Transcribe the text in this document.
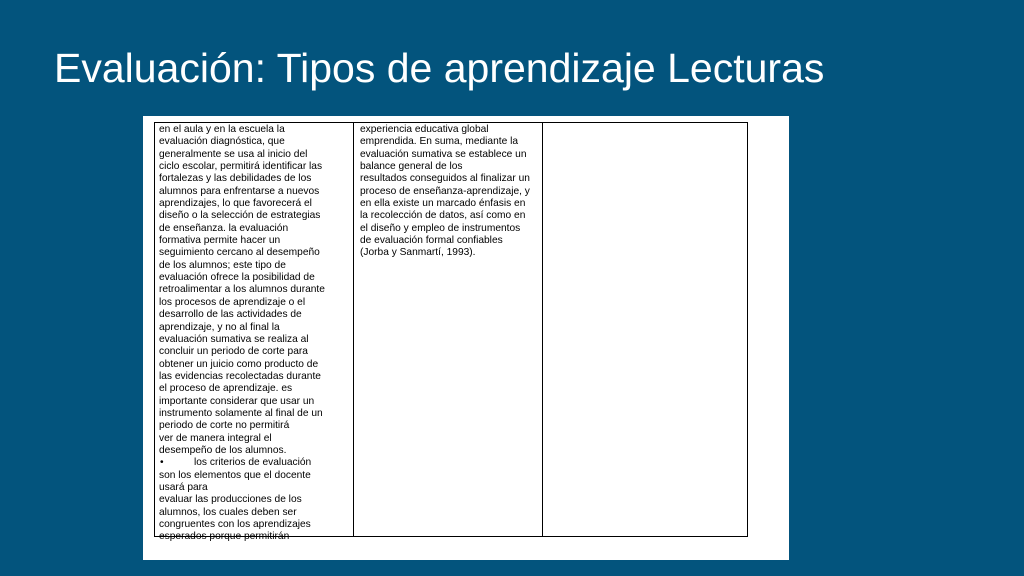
Evaluación: Tipos de aprendizaje Lecturas
en el aula y en la escuela la
evaluación diagnóstica, que
generalmente se usa al inicio del
ciclo escolar, permitirá identificar las
fortalezas y las debilidades de los
alumnos para enfrentarse a nuevos
aprendizajes, lo que favorecerá el
diseño o la selección de estrategias
de enseñanza. la evaluación
formativa permite hacer un
seguimiento cercano al desempeño
de los alumnos; este tipo de
evaluación ofrece la posibilidad de
retroalimentar a los alumnos durante
los procesos de aprendizaje o el
desarrollo de las actividades de
aprendizaje, y no al final la
evaluación sumativa se realiza al
concluir un periodo de corte para
obtener un juicio como producto de
las evidencias recolectadas durante
el proceso de aprendizaje. es
importante considerar que usar un
instrumento solamente al final de un
periodo de corte no permitirá
ver de manera integral el
desempeño de los alumnos.
•	los criterios de evaluación
son los elementos que el docente
usará para
evaluar las producciones de los
alumnos, los cuales deben ser
congruentes con los aprendizajes
esperados porque permitirán
experiencia educativa global
emprendida. En suma, mediante la
evaluación sumativa se establece un
balance general de los
resultados conseguidos al finalizar un
proceso de enseñanza-aprendizaje, y
en ella existe un marcado énfasis en
la recolección de datos, así como en
el diseño y empleo de instrumentos
de evaluación formal confiables
(Jorba y Sanmartí, 1993).
